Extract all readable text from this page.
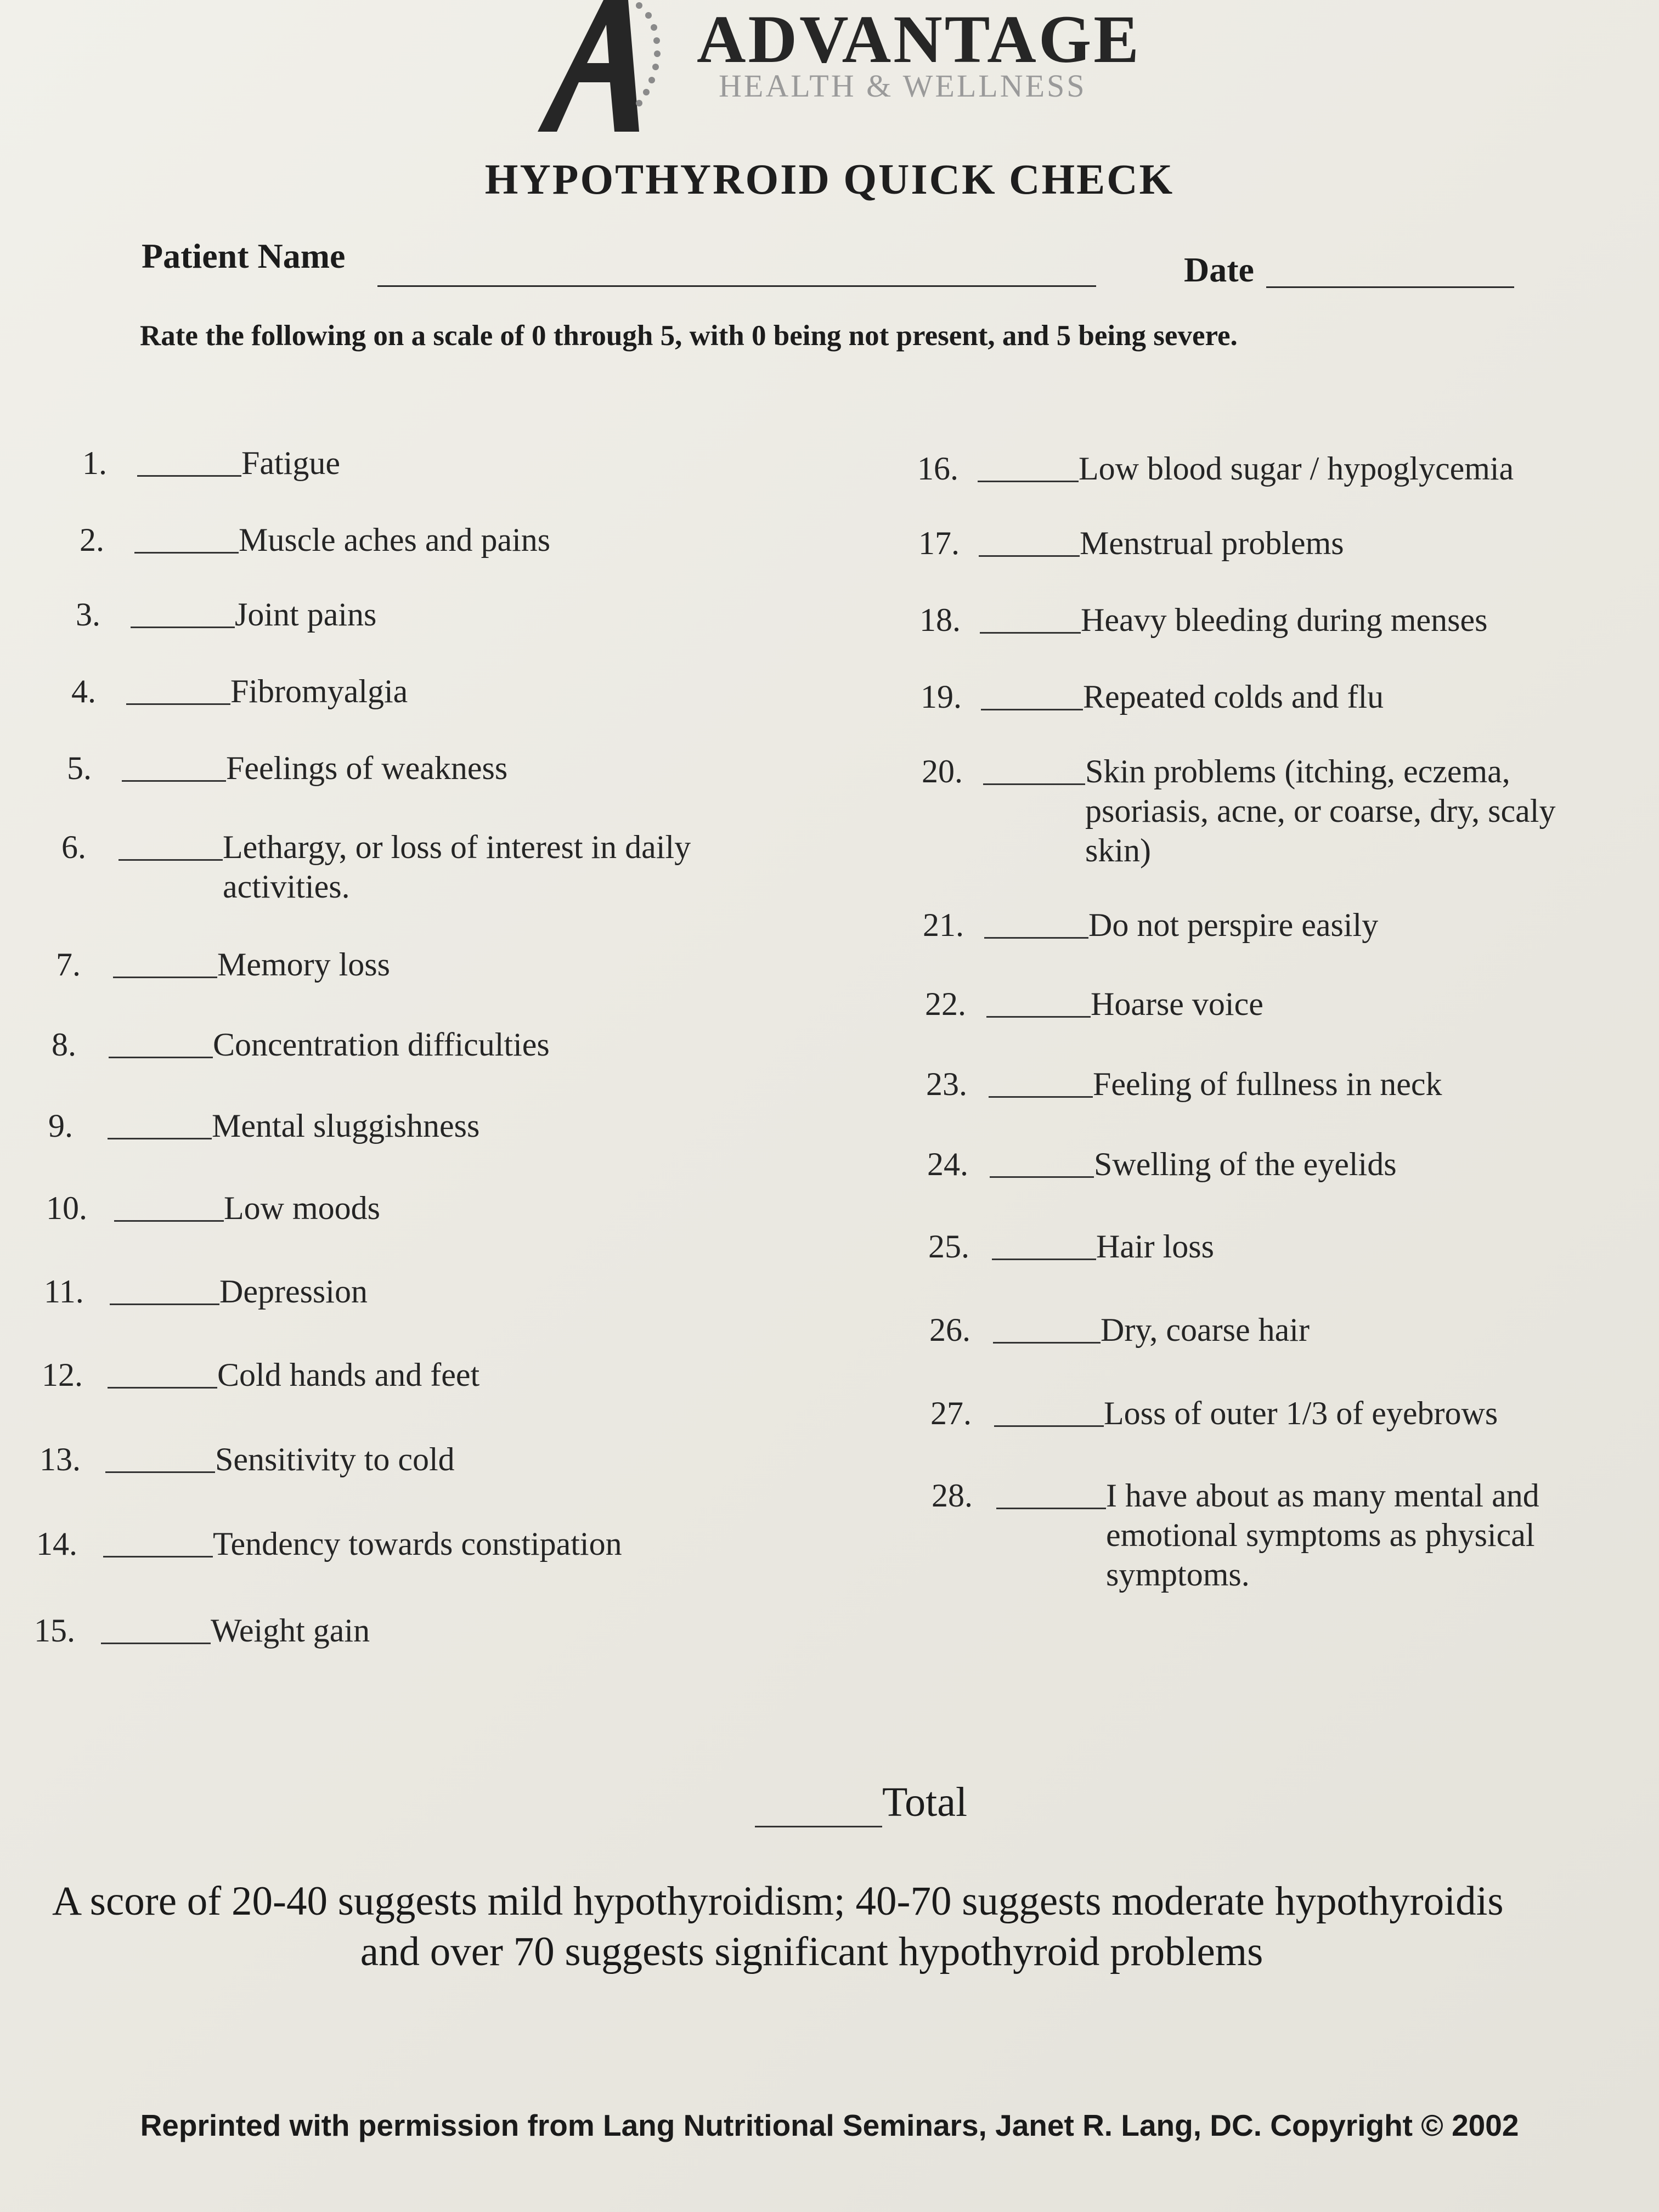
ADVANTAGE
HEALTH & WELLNESS
HYPOTHYROID QUICK CHECK
Patient Name	Date
Rate the following on a scale of 0 through 5, with 0 being not present, and 5 being severe.
1.	Fatigue
2.	Muscle aches and pains
3.	Joint pains
4.	Fibromyalgia
5.	Feelings of weakness
6.	Lethargy, or loss of interest in daily activities.
7.	Memory loss
8.	Concentration difficulties
9.	Mental sluggishness
10.	Low moods
11.	Depression
12.	Cold hands and feet
13.	Sensitivity to cold
14.	Tendency towards constipation
15.	Weight gain
16.	Low blood sugar / hypoglycemia
17.	Menstrual problems
18.	Heavy bleeding during menses
19.	Repeated colds and flu
20.	Skin problems (itching, eczema, psoriasis, acne, or coarse, dry, scaly skin)
21.	Do not perspire easily
22.	Hoarse voice
23.	Feeling of fullness in neck
24.	Swelling of the eyelids
25.	Hair loss
26.	Dry, coarse hair
27.	Loss of outer 1/3 of eyebrows
28.	I have about as many mental and emotional symptoms as physical symptoms.
Total
A score of 20-40 suggests mild hypothyroidism; 40-70 suggests moderate hypothyroidis
and over 70 suggests significant hypothyroid problems
Reprinted with permission from Lang Nutritional Seminars, Janet R. Lang, DC. Copyright © 2002
